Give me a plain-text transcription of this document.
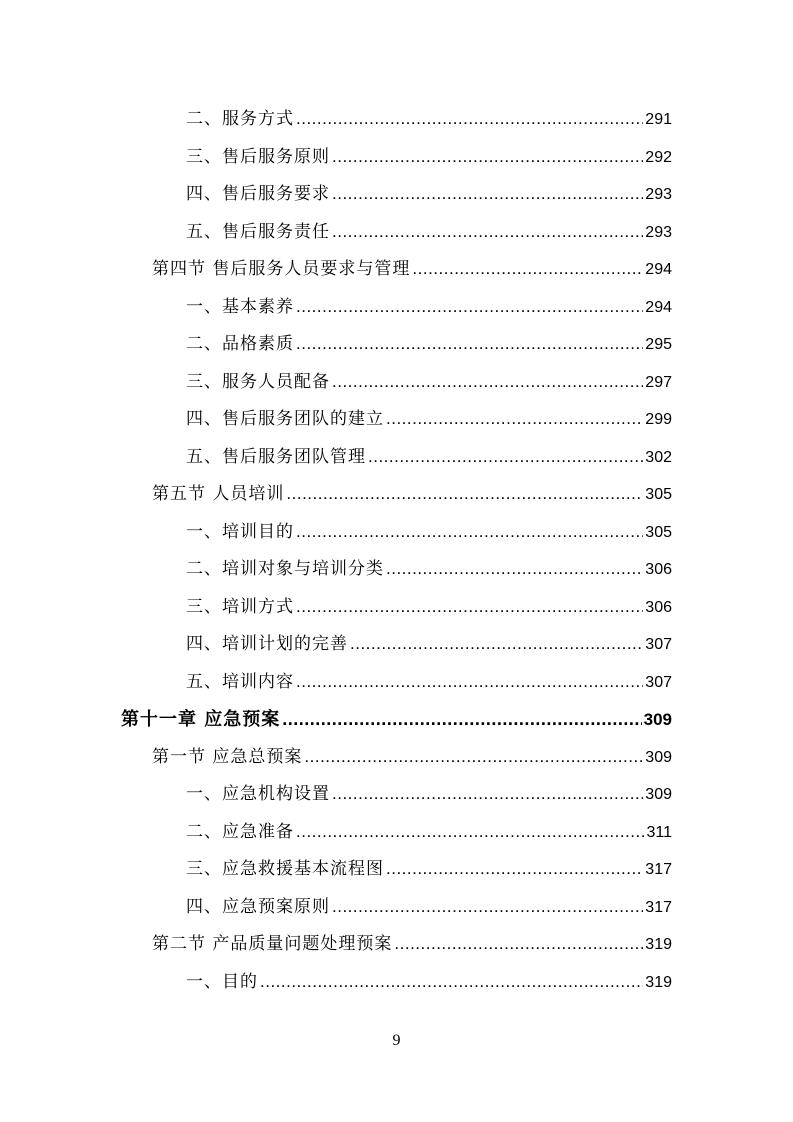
二、服务方式 .....	291
三、售后服务原则 .....	292
四、售后服务要求 .....	293
五、售后服务责任 .....	293
第四节 售后服务人员要求与管理 .....	294
一、基本素养 .....	294
二、品格素质 .....	295
三、服务人员配备 .....	297
四、售后服务团队的建立 .....	299
五、售后服务团队管理 .....	302
第五节 人员培训 .....	305
一、培训目的 .....	305
二、培训对象与培训分类 .....	306
三、培训方式 .....	306
四、培训计划的完善 .....	307
五、培训内容 .....	307
第十一章 应急预案 .....	309
第一节 应急总预案 .....	309
一、应急机构设置 .....	309
二、应急准备 .....	311
三、应急救援基本流程图 .....	317
四、应急预案原则 .....	317
第二节 产品质量问题处理预案 .....	319
一、目的 .....	319
9
